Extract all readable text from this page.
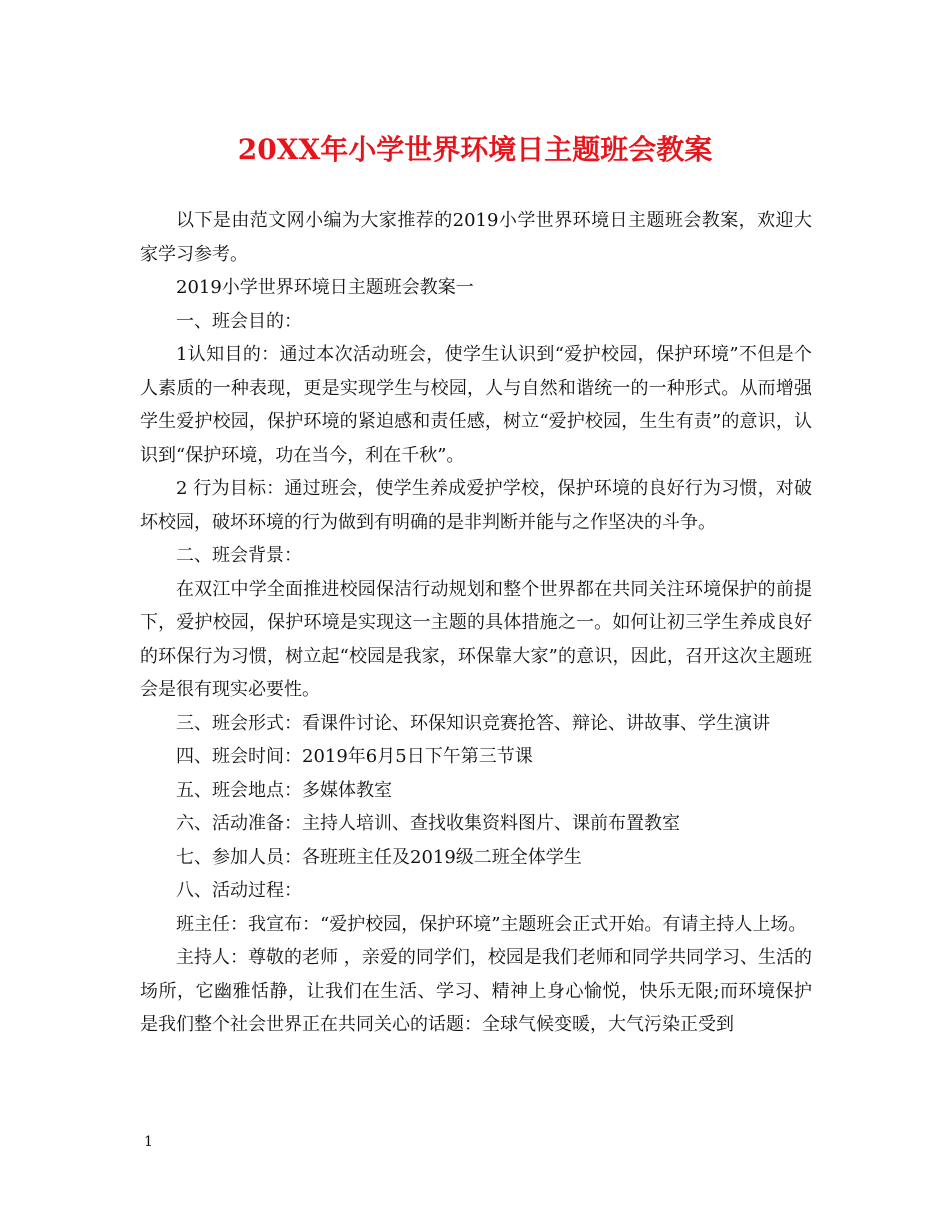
20XX年小学世界环境日主题班会教案

以下是由范文网小编为大家推荐的2019小学世界环境日主题班会教案，欢迎大家学习参考。

2019小学世界环境日主题班会教案一

一、班会目的：

1认知目的：通过本次活动班会，使学生认识到“爱护校园，保护环境”不但是个人素质的一种表现，更是实现学生与校园，人与自然和谐统一的一种形式。从而增强学生爱护校园，保护环境的紧迫感和责任感，树立“爱护校园，生生有责”的意识，认识到“保护环境，功在当今，利在千秋”。

2 行为目标：通过班会，使学生养成爱护学校，保护环境的良好行为习惯，对破坏校园，破坏环境的行为做到有明确的是非判断并能与之作坚决的斗争。

二、班会背景：

在双江中学全面推进校园保洁行动规划和整个世界都在共同关注环境保护的前提下，爱护校园，保护环境是实现这一主题的具体措施之一。如何让初三学生养成良好的环保行为习惯，树立起“校园是我家，环保靠大家”的意识，因此，召开这次主题班会是很有现实必要性。

三、班会形式：看课件讨论、环保知识竞赛抢答、辩论、讲故事、学生演讲

四、班会时间：2019年6月5日下午第三节课

五、班会地点：多媒体教室

六、活动准备：主持人培训、查找收集资料图片、课前布置教室

七、参加人员：各班班主任及2019级二班全体学生

八、活动过程：

班主任：我宣布：“爱护校园，保护环境”主题班会正式开始。有请主持人上场。

主持人：尊敬的老师 ，亲爱的同学们，校园是我们老师和同学共同学习、生活的场所，它幽雅恬静，让我们在生活、学习、精神上身心愉悦，快乐无限;而环境保护是我们整个社会世界正在共同关心的话题：全球气候变暖，大气污染正受到

1
